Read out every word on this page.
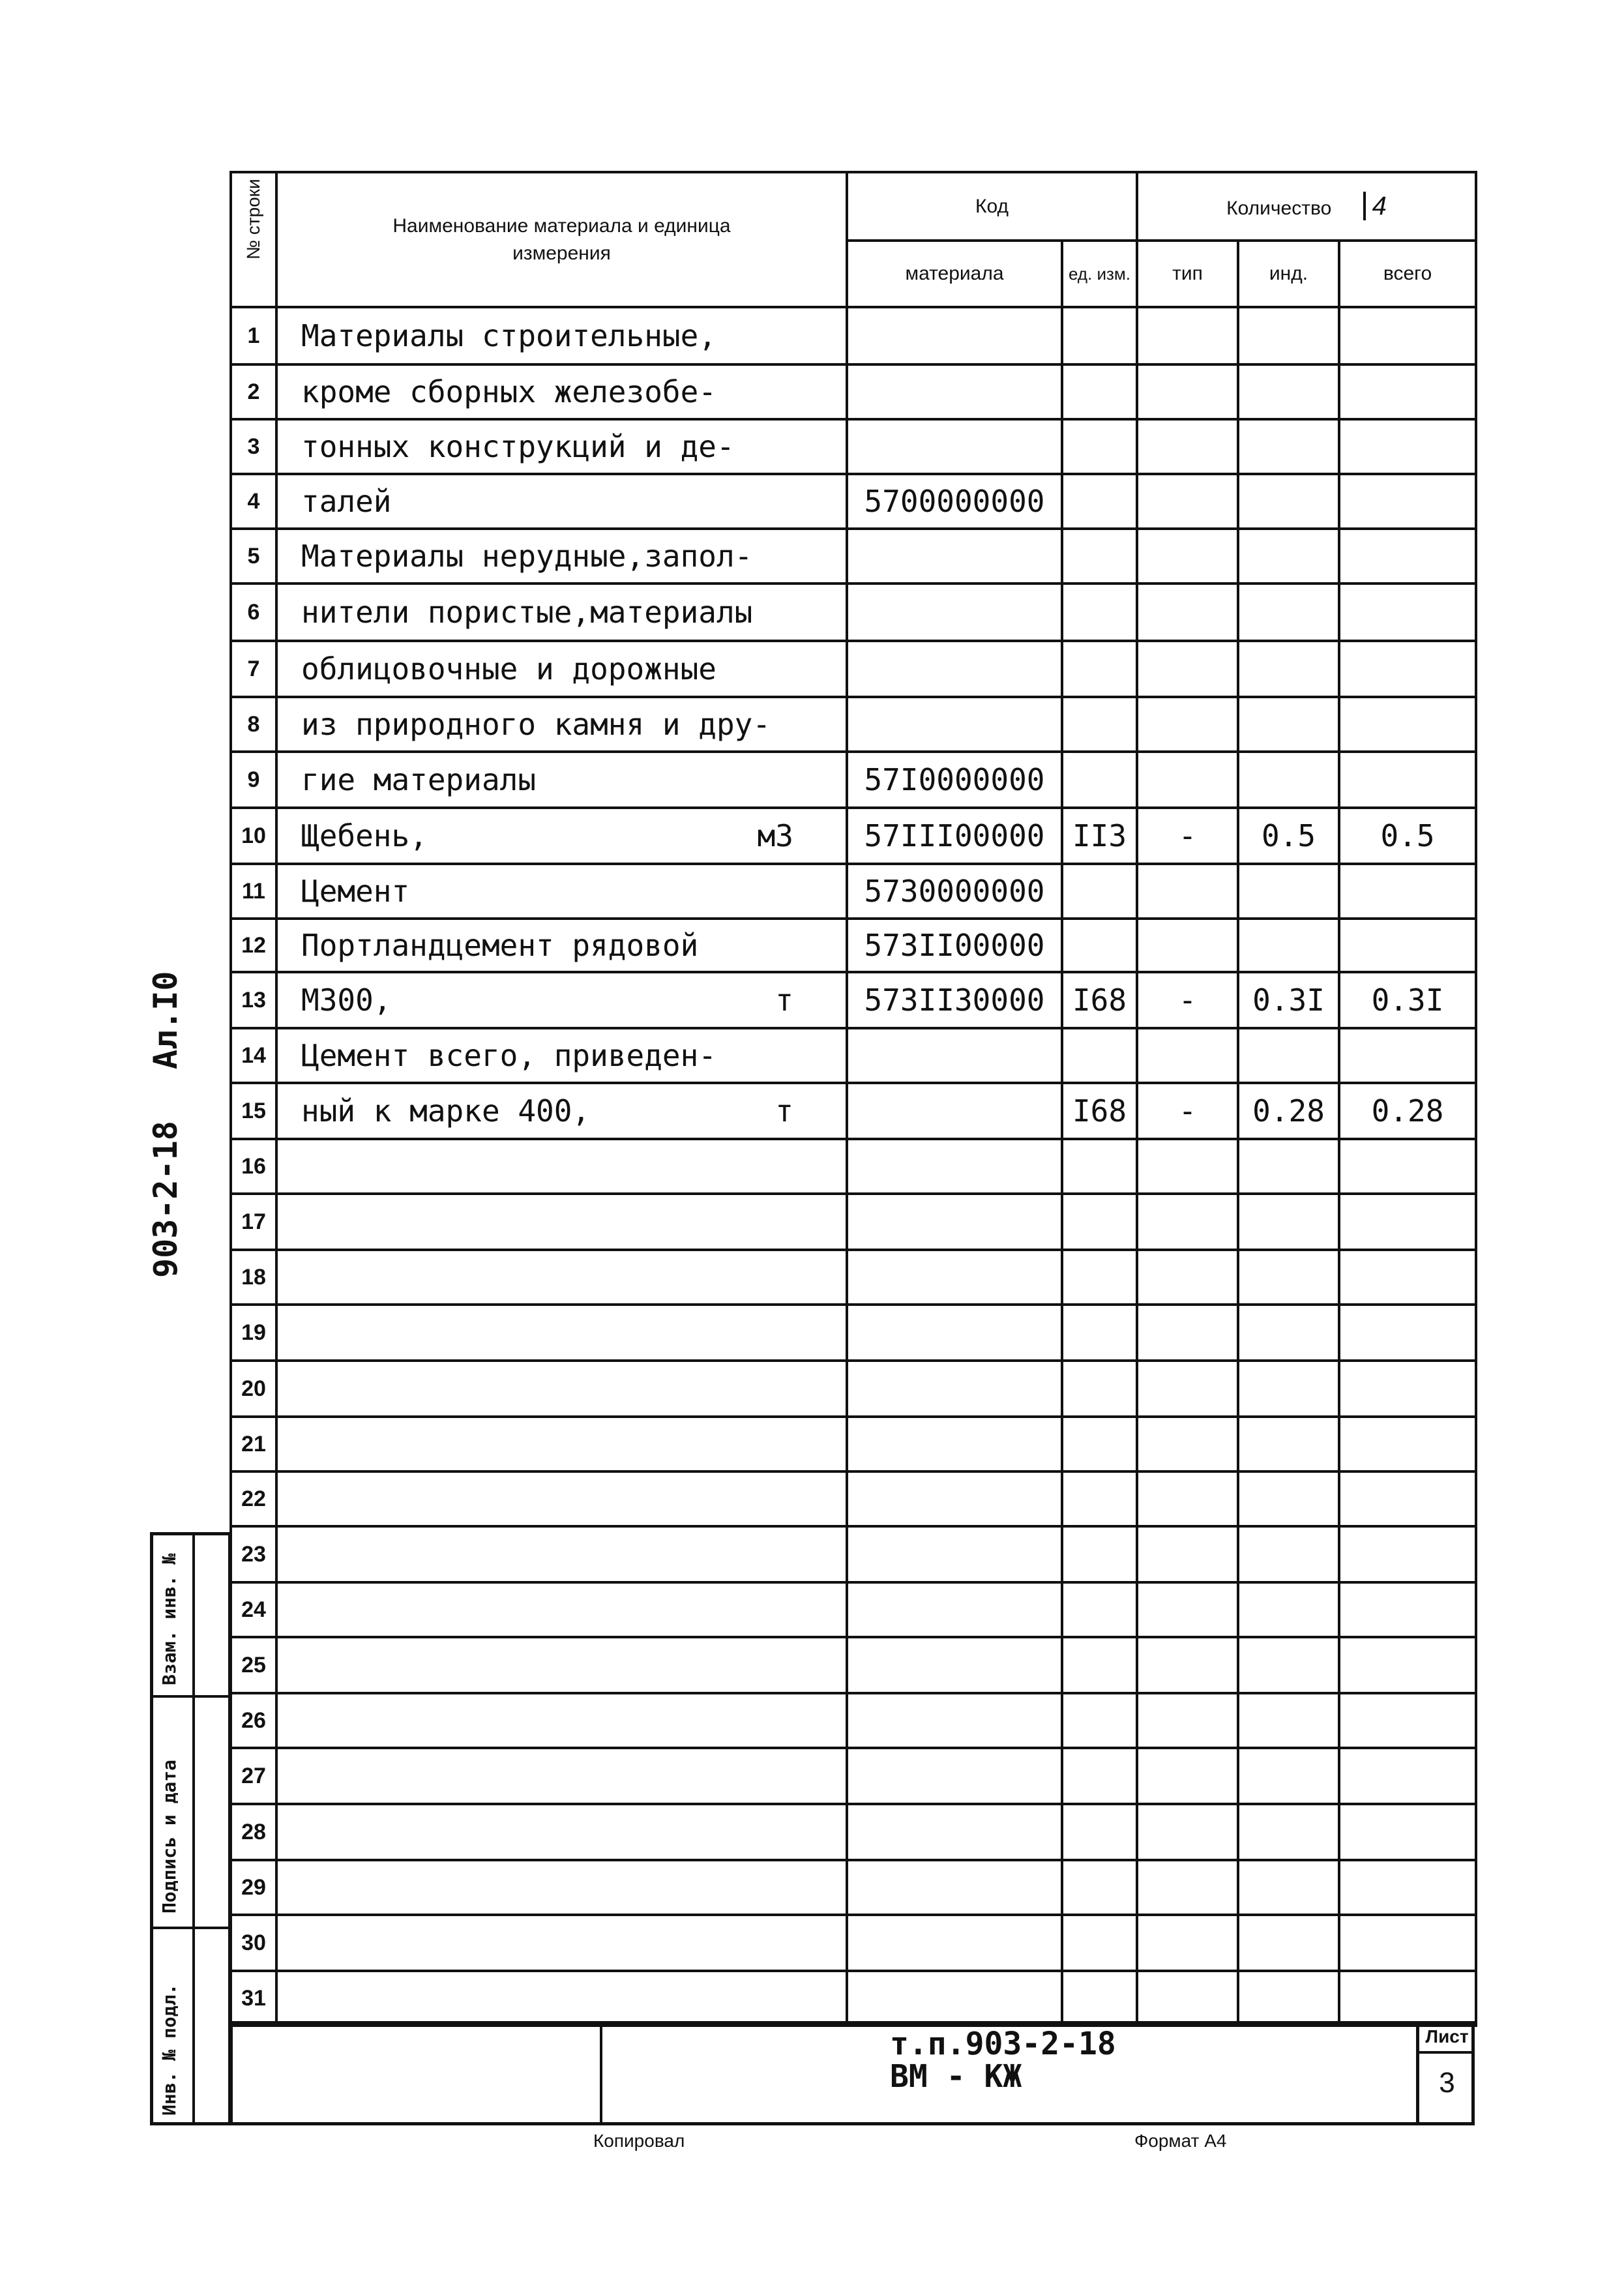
Ал.I0
903-2-18
Взам. инв. №
Подпись и дата
Инв. № подл.
№ строки	Наименование материала и единица измерения	Код		Количество 4		
		материала	ед. изм.	тип	инд.	всего
1	Материалы строительные,

2	кроме сборных железобе-

3	тонных конструкций и де-

4	талей	5700000000				
5	Материалы нерудные,запол-

6	нители пористые,материалы

7	облицовочные и дорожные

8	из природного камня и дру-

9	гие материалы	57I0000000				
10	Щебень, м3	57III00000	II3	-	0.5	0.5
11	Цемент	5730000000				
12	Портландцемент рядовой	573II00000				
13	М300, т	573II30000	I68	-	0.3I	0.3I
14	Цемент всего, приведен-

15	ный к марке 400, т		I68	-	0.28	0.28
16	

17	

18	

19	

20	

21	

22	

23	

24	

25	

26	

27	

28	

29	

30	

31	

т.п.903-2-18
ВМ - КЖ
Лист
3
Копировал	Формат А4
